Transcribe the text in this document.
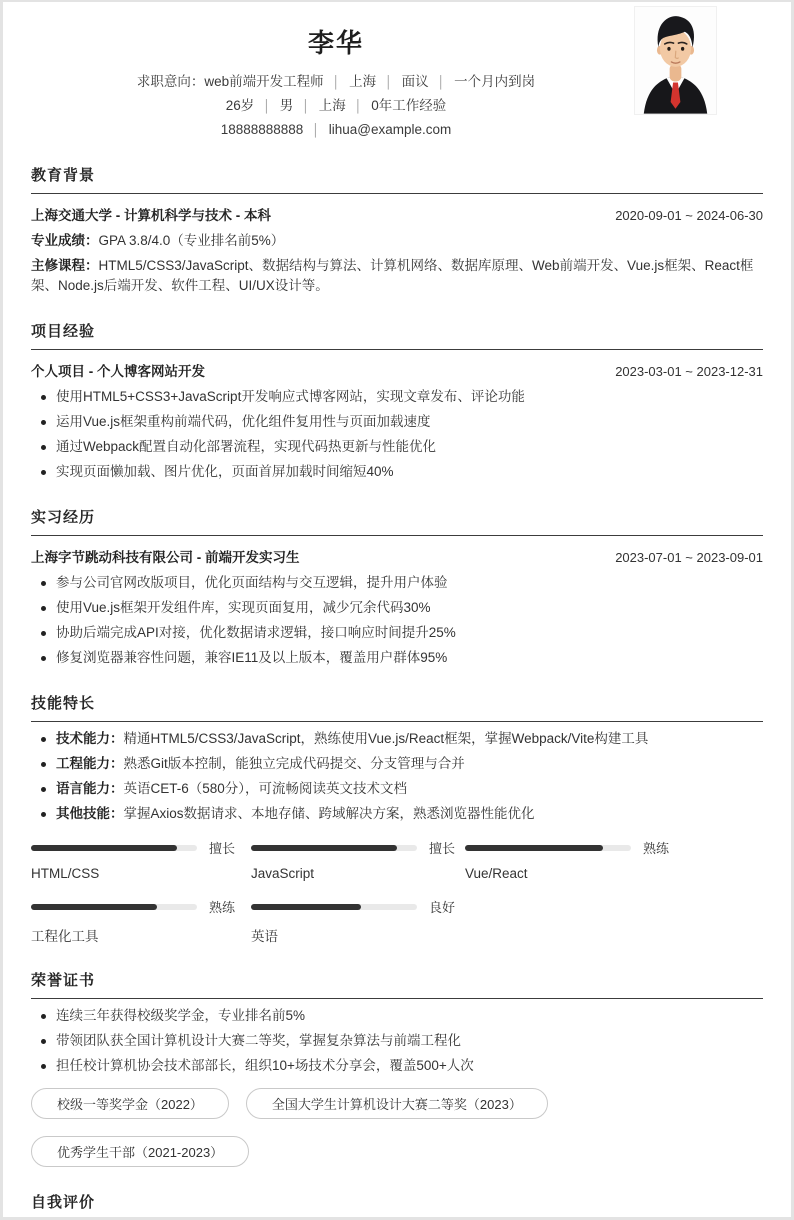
李华
求职意向：web前端开发工程师 │ 上海 │ 面议 │ 一个月内到岗
26岁 │ 男 │ 上海 │ 0年工作经验
18888888888 │ lihua@example.com
教育背景
上海交通大学 - 计算机科学与技术 - 本科	2020-09-01 ~ 2024-06-30
专业成绩：GPA 3.8/4.0（专业排名前5%）
主修课程：HTML5/CSS3/JavaScript、数据结构与算法、计算机网络、数据库原理、Web前端开发、Vue.js框架、React框架、Node.js后端开发、软件工程、UI/UX设计等。
项目经验
个人项目 - 个人博客网站开发	2023-03-01 ~ 2023-12-31

使用HTML5+CSS3+JavaScript开发响应式博客网站，实现文章发布、评论功能

运用Vue.js框架重构前端代码，优化组件复用性与页面加载速度

通过Webpack配置自动化部署流程，实现代码热更新与性能优化

实现页面懒加载、图片优化，页面首屏加载时间缩短40%

实习经历
上海字节跳动科技有限公司 - 前端开发实习生	2023-07-01 ~ 2023-09-01

参与公司官网改版项目，优化页面结构与交互逻辑，提升用户体验

使用Vue.js框架开发组件库，实现页面复用，减少冗余代码30%

协助后端完成API对接，优化数据请求逻辑，接口响应时间提升25%

修复浏览器兼容性问题，兼容IE11及以上版本，覆盖用户群体95%

技能特长

技术能力：精通HTML5/CSS3/JavaScript，熟练使用Vue.js/React框架，掌握Webpack/Vite构建工具

工程能力：熟悉Git版本控制，能独立完成代码提交、分支管理与合并

语言能力：英语CET-6（580分），可流畅阅读英文技术文档

其他技能：掌握Axios数据请求、本地存储、跨域解决方案，熟悉浏览器性能优化

擅长
HTML/CSS
擅长
JavaScript
熟练
Vue/React
熟练
工程化工具
良好
英语
荣誉证书

连续三年获得校级奖学金，专业排名前5%

带领团队获全国计算机设计大赛二等奖，掌握复杂算法与前端工程化

担任校计算机协会技术部部长，组织10+场技术分享会，覆盖500+人次

校级一等奖学金（2022）	全国大学生计算机设计大赛二等奖（2023）
优秀学生干部（2021-2023）
自我评价
